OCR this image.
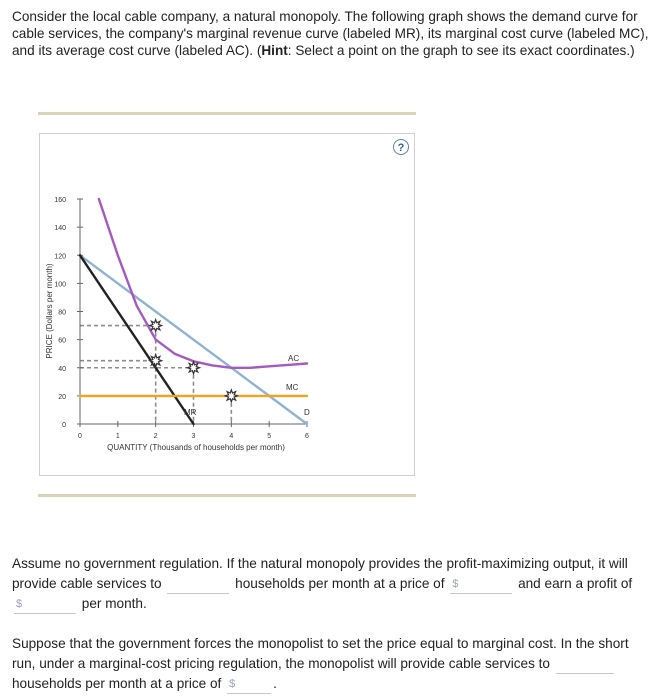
Consider the local cable company, a natural monopoly. The following graph shows the demand curve for cable services, the company's marginal revenue curve (labeled MR), its marginal cost curve (labeled MC), and its average cost curve (labeled AC). (Hint: Select a point on the graph to see its exact coordinates.)

?
PRICE (Dollars per month)
QUANTITY (Thousands of households per month)
AC
MC
D
MR
0
20
40
60
80
100
120
140
160
0	1	2	3	4	5	6

Assume no government regulation. If the natural monopoly provides the profit-maximizing output, it will provide cable services to	households per month at a price of $	and earn a profit of
$	per month.

Suppose that the government forces the monopolist to set the price equal to marginal cost. In the short run, under a marginal-cost pricing regulation, the monopolist will provide cable services to  households per month at a price of $	.
